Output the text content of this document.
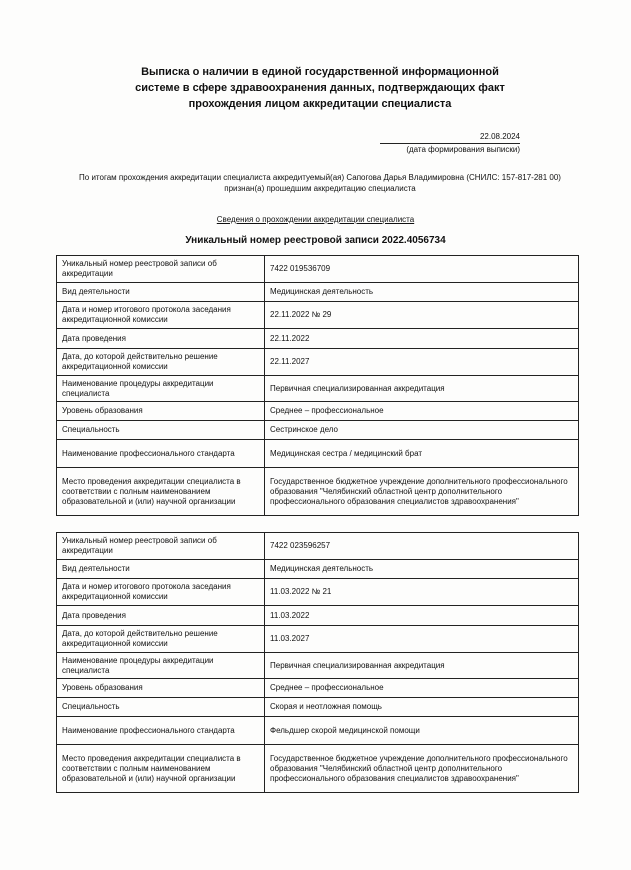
Выписка о наличии в единой государственной информационной
системе в сфере здравоохранения данных, подтверждающих факт
прохождения лицом аккредитации специалиста
22.08.2024
(дата формирования выписки)
По итогам прохождения аккредитации специалиста аккредитуемый(ая) Сапогова Дарья Владимировна (СНИЛС: 157-817-281 00) признан(а) прошедшим аккредитацию специалиста
Сведения о прохождении аккредитации специалиста
Уникальный номер реестровой записи 2022.4056734
Уникальный номер реестровой записи об аккредитации	7422 019536709
Вид деятельности	Медицинская деятельность
Дата и номер итогового протокола заседания аккредитационной комиссии	22.11.2022 № 29
Дата проведения	22.11.2022
Дата, до которой действительно решение аккредитационной комиссии	22.11.2027
Наименование процедуры аккредитации специалиста	Первичная специализированная аккредитация
Уровень образования	Среднее – профессиональное
Специальность	Сестринское дело
Наименование профессионального стандарта	Медицинская сестра / медицинский брат
Место проведения аккредитации специалиста в соответствии с полным наименованием образовательной и (или) научной организации	Государственное бюджетное учреждение дополнительного профессионального образования "Челябинский областной центр дополнительного профессионального образования специалистов здравоохранения"
Уникальный номер реестровой записи об аккредитации	7422 023596257
Вид деятельности	Медицинская деятельность
Дата и номер итогового протокола заседания аккредитационной комиссии	11.03.2022 № 21
Дата проведения	11.03.2022
Дата, до которой действительно решение аккредитационной комиссии	11.03.2027
Наименование процедуры аккредитации специалиста	Первичная специализированная аккредитация
Уровень образования	Среднее – профессиональное
Специальность	Скорая и неотложная помощь
Наименование профессионального стандарта	Фельдшер скорой медицинской помощи
Место проведения аккредитации специалиста в соответствии с полным наименованием образовательной и (или) научной организации	Государственное бюджетное учреждение дополнительного профессионального образования "Челябинский областной центр дополнительного профессионального образования специалистов здравоохранения"
